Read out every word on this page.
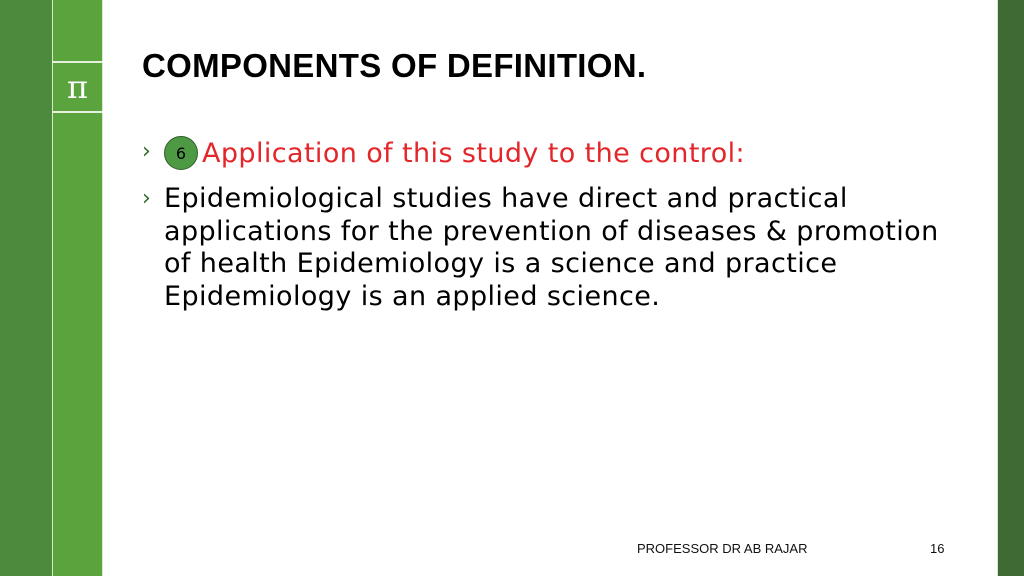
π
COMPONENTS OF DEFINITION.
›	6 Application of this study to the control:
› Epidemiological studies have direct and practical applications for the prevention of diseases & promotion of health Epidemiology is a science and practice Epidemiology is an applied science.
PROFESSOR DR AB RAJAR	16
